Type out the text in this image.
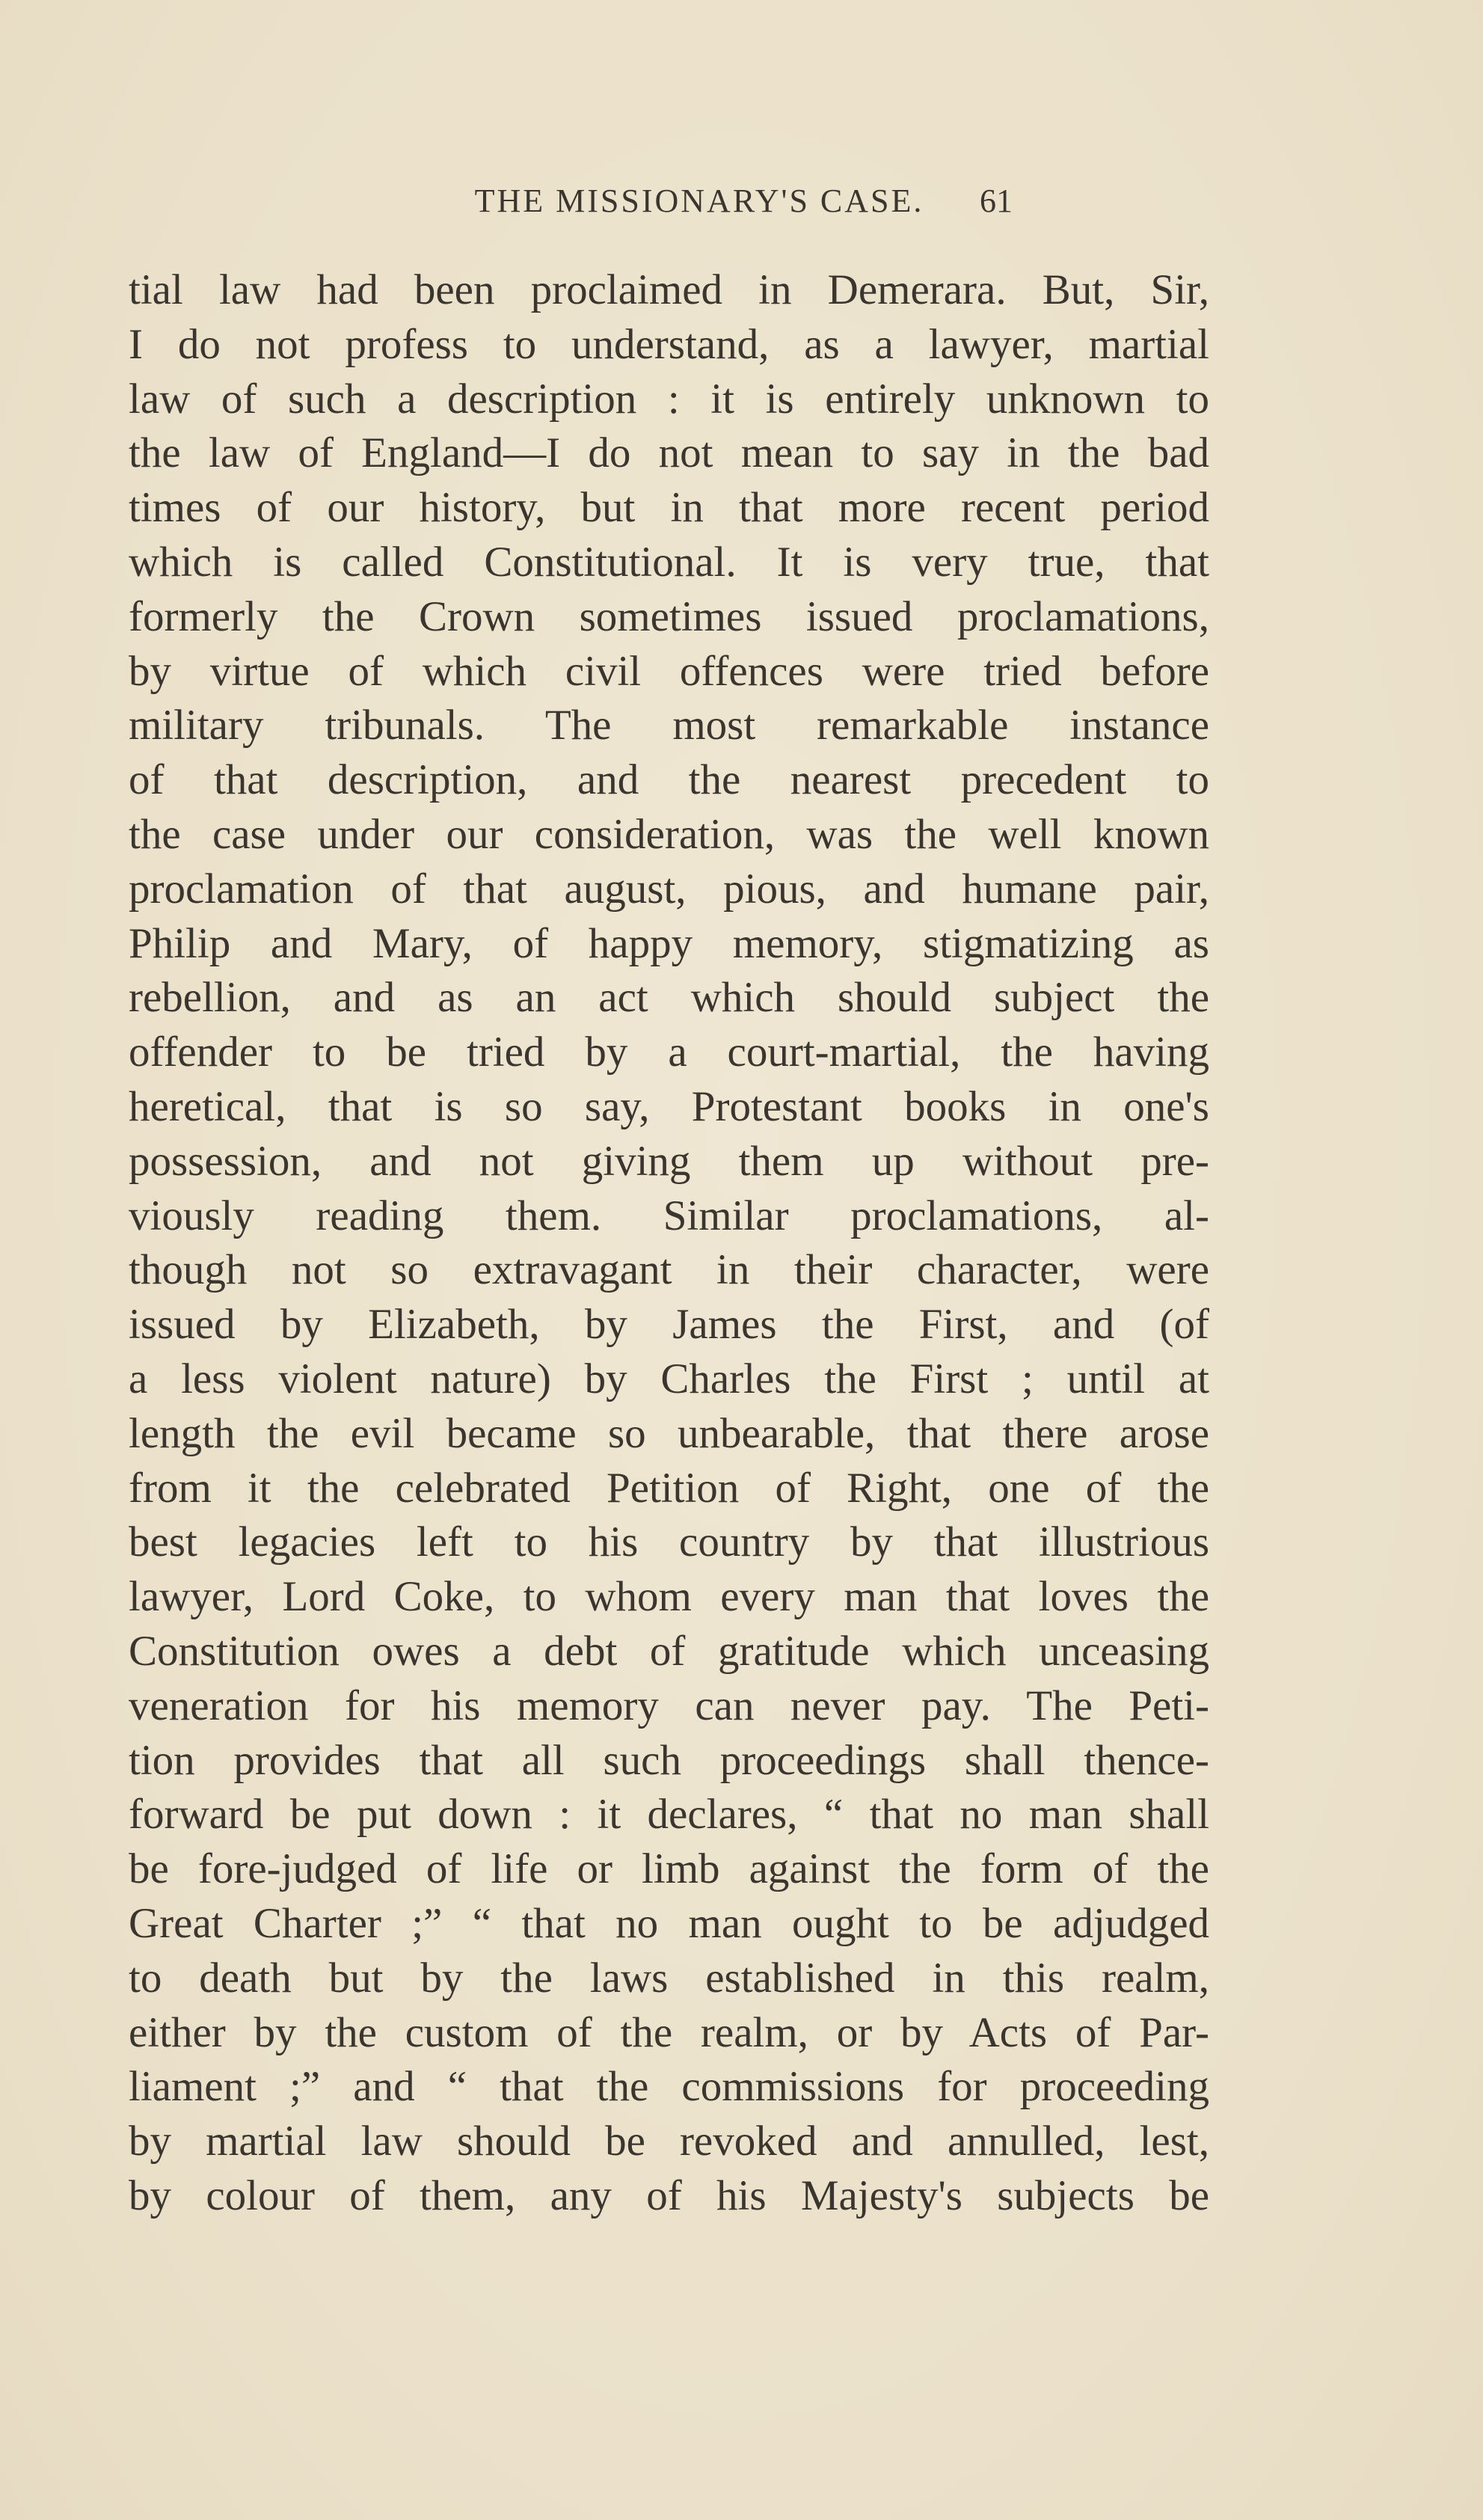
THE MISSIONARY'S CASE.	61
tial law had been proclaimed in Demerara. But, Sir,
I do not profess to understand, as a lawyer, martial
law of such a description : it is entirely unknown to
the law of England—I do not mean to say in the bad
times of our history, but in that more recent period
which is called Constitutional. It is very true, that
formerly the Crown sometimes issued proclamations,
by virtue of which civil offences were tried before
military tribunals. The most remarkable instance
of that description, and the nearest precedent to
the case under our consideration, was the well known
proclamation of that august, pious, and humane pair,
Philip and Mary, of happy memory, stigmatizing as
rebellion, and as an act which should subject the
offender to be tried by a court-martial, the having
heretical, that is so say, Protestant books in one's
possession, and not giving them up without pre-
viously reading them. Similar proclamations, al-
though not so extravagant in their character, were
issued by Elizabeth, by James the First, and (of
a less violent nature) by Charles the First ; until at
length the evil became so unbearable, that there arose
from it the celebrated Petition of Right, one of the
best legacies left to his country by that illustrious
lawyer, Lord Coke, to whom every man that loves the
Constitution owes a debt of gratitude which unceasing
veneration for his memory can never pay. The Peti-
tion provides that all such proceedings shall thence-
forward be put down : it declares, “ that no man shall
be fore-judged of life or limb against the form of the
Great Charter ;” “ that no man ought to be adjudged
to death but by the laws established in this realm,
either by the custom of the realm, or by Acts of Par-
liament ;” and “ that the commissions for proceeding
by martial law should be revoked and annulled, lest,
by colour of them, any of his Majesty's subjects be
